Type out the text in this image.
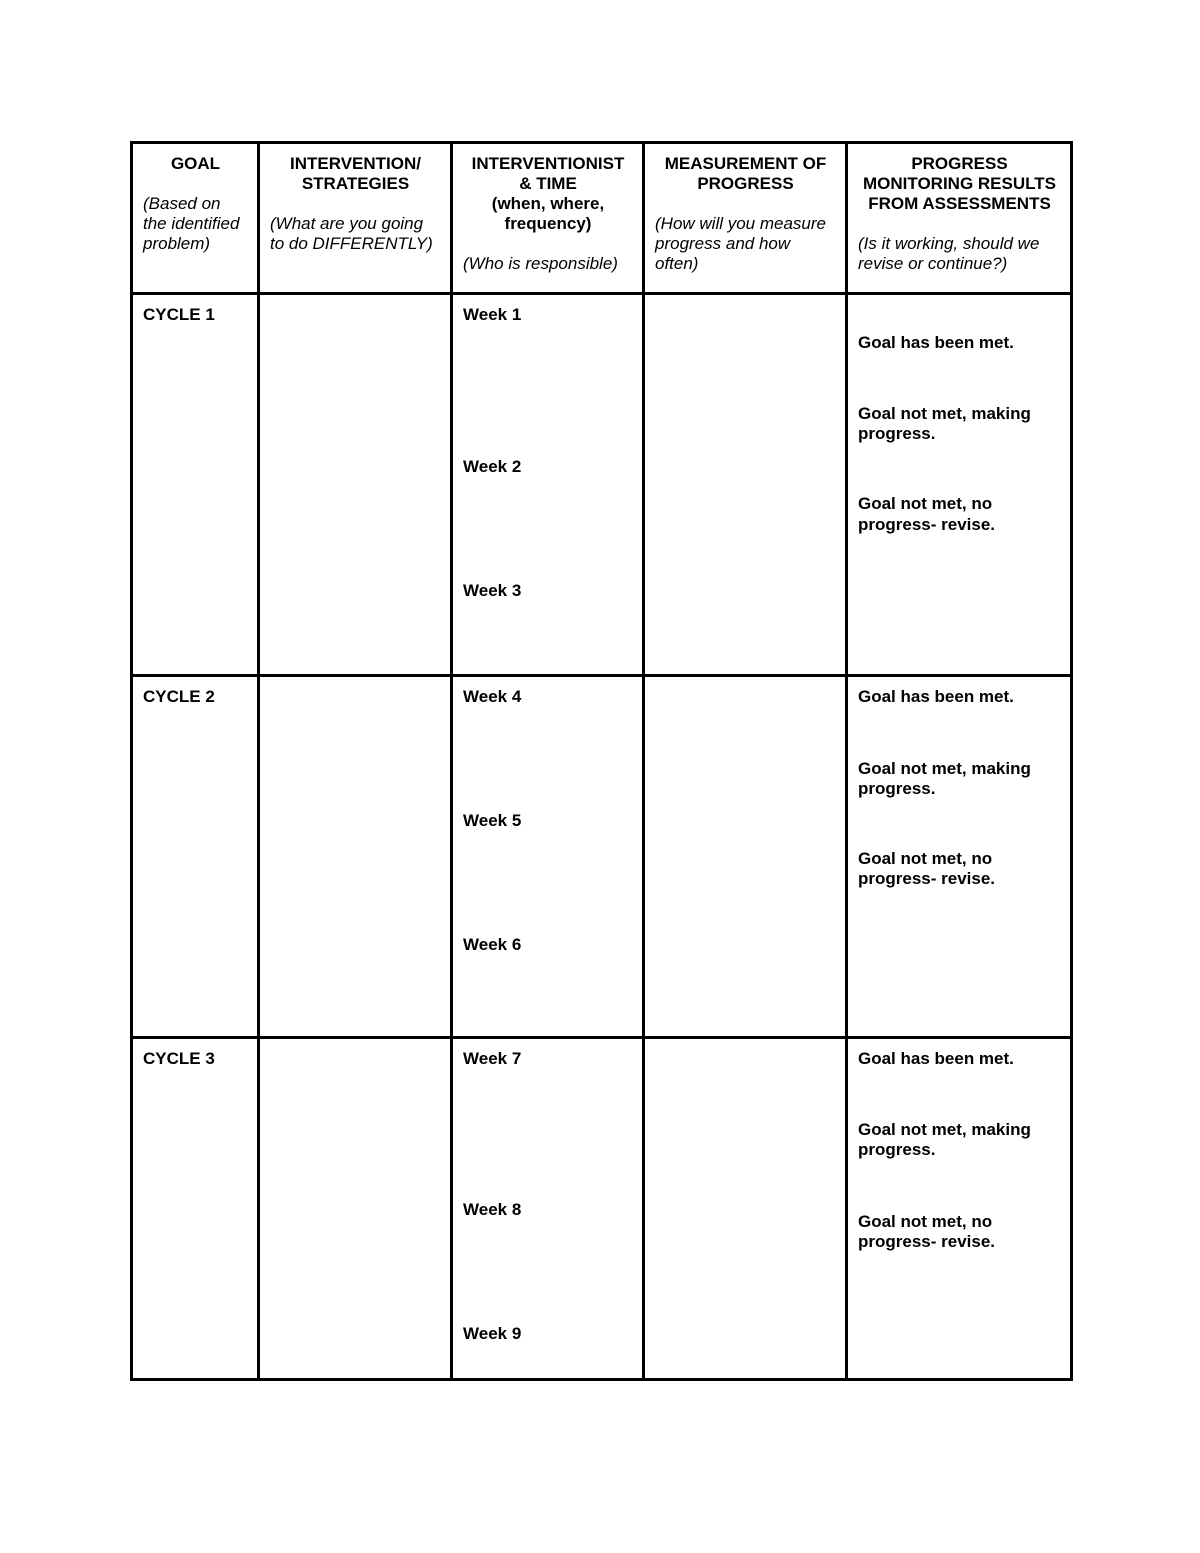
GOAL
(Based on
the identified
problem)	INTERVENTION/
STRATEGIES
(What are you going
to do DIFFERENTLY)	INTERVENTIONIST
& TIME
(when, where,
frequency)
(Who is responsible)	MEASUREMENT OF
PROGRESS
(How will you measure
progress and how
often)	PROGRESS
MONITORING RESULTS
FROM ASSESSMENTS
(Is it working, should we
revise or continue?)

CYCLE 1		Week 1
Week 2
Week 3		Goal has been met.
Goal not met, making
progress.
Goal not met, no
progress- revise.

CYCLE 2		Week 4
Week 5
Week 6		Goal has been met.
Goal not met, making
progress.
Goal not met, no
progress- revise.

CYCLE 3		Week 7
Week 8
Week 9		Goal has been met.
Goal not met, making
progress.
Goal not met, no
progress- revise.
